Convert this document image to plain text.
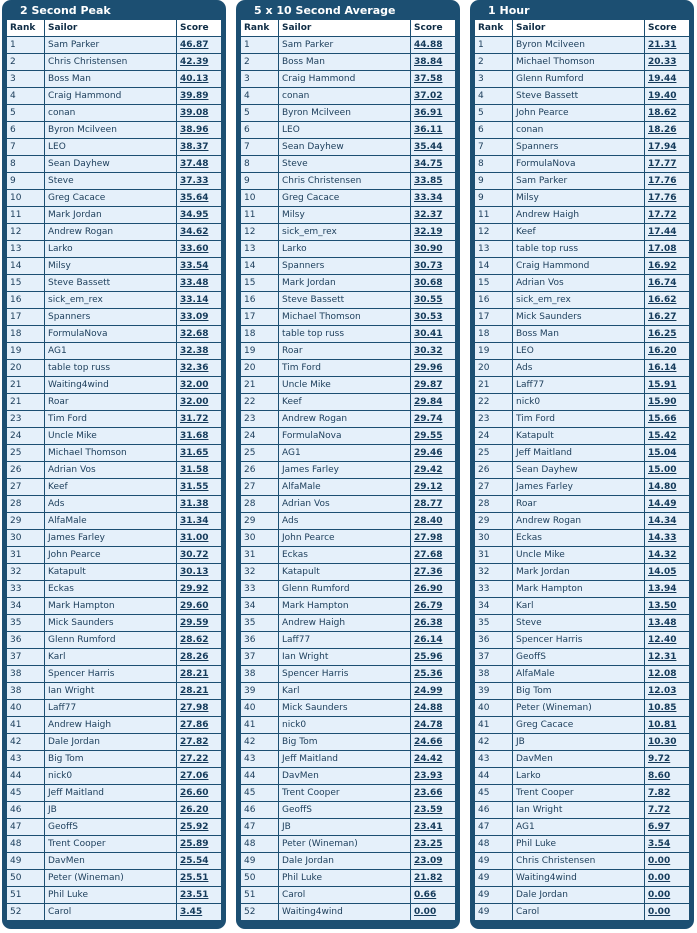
2 Second Peak
Rank	Sailor	Score
1	Sam Parker	46.87
2	Chris Christensen	42.39
3	Boss Man	40.13
4	Craig Hammond	39.89
5	conan	39.08
6	Byron Mcilveen	38.96
7	LEO	38.37
8	Sean Dayhew	37.48
9	Steve	37.33
10	Greg Cacace	35.64
11	Mark Jordan	34.95
12	Andrew Rogan	34.62
13	Larko	33.60
14	Milsy	33.54
15	Steve Bassett	33.48
16	sick_em_rex	33.14
17	Spanners	33.09
18	FormulaNova	32.68
19	AG1	32.38
20	table top russ	32.36
21	Waiting4wind	32.00
21	Roar	32.00
23	Tim Ford	31.72
24	Uncle Mike	31.68
25	Michael Thomson	31.65
26	Adrian Vos	31.58
27	Keef	31.55
28	Ads	31.38
29	AlfaMale	31.34
30	James Farley	31.00
31	John Pearce	30.72
32	Katapult	30.13
33	Eckas	29.92
34	Mark Hampton	29.60
35	Mick Saunders	29.59
36	Glenn Rumford	28.62
37	Karl	28.26
38	Spencer Harris	28.21
38	Ian Wright	28.21
40	Laff77	27.98
41	Andrew Haigh	27.86
42	Dale Jordan	27.82
43	Big Tom	27.22
44	nick0	27.06
45	Jeff Maitland	26.60
46	JB	26.20
47	GeoffS	25.92
48	Trent Cooper	25.89
49	DavMen	25.54
50	Peter (Wineman)	25.51
51	Phil Luke	23.51
52	Carol	3.45
5 x 10 Second Average
Rank	Sailor	Score
1	Sam Parker	44.88
2	Boss Man	38.84
3	Craig Hammond	37.58
4	conan	37.02
5	Byron Mcilveen	36.91
6	LEO	36.11
7	Sean Dayhew	35.44
8	Steve	34.75
9	Chris Christensen	33.85
10	Greg Cacace	33.34
11	Milsy	32.37
12	sick_em_rex	32.19
13	Larko	30.90
14	Spanners	30.73
15	Mark Jordan	30.68
16	Steve Bassett	30.55
17	Michael Thomson	30.53
18	table top russ	30.41
19	Roar	30.32
20	Tim Ford	29.96
21	Uncle Mike	29.87
22	Keef	29.84
23	Andrew Rogan	29.74
24	FormulaNova	29.55
25	AG1	29.46
26	James Farley	29.42
27	AlfaMale	29.12
28	Adrian Vos	28.77
29	Ads	28.40
30	John Pearce	27.98
31	Eckas	27.68
32	Katapult	27.36
33	Glenn Rumford	26.90
34	Mark Hampton	26.79
35	Andrew Haigh	26.38
36	Laff77	26.14
37	Ian Wright	25.96
38	Spencer Harris	25.36
39	Karl	24.99
40	Mick Saunders	24.88
41	nick0	24.78
42	Big Tom	24.66
43	Jeff Maitland	24.42
44	DavMen	23.93
45	Trent Cooper	23.66
46	GeoffS	23.59
47	JB	23.41
48	Peter (Wineman)	23.25
49	Dale Jordan	23.09
50	Phil Luke	21.82
51	Carol	0.66
52	Waiting4wind	0.00
1 Hour
Rank	Sailor	Score
1	Byron Mcilveen	21.31
2	Michael Thomson	20.33
3	Glenn Rumford	19.44
4	Steve Bassett	19.40
5	John Pearce	18.62
6	conan	18.26
7	Spanners	17.94
8	FormulaNova	17.77
9	Sam Parker	17.76
9	Milsy	17.76
11	Andrew Haigh	17.72
12	Keef	17.44
13	table top russ	17.08
14	Craig Hammond	16.92
15	Adrian Vos	16.74
16	sick_em_rex	16.62
17	Mick Saunders	16.27
18	Boss Man	16.25
19	LEO	16.20
20	Ads	16.14
21	Laff77	15.91
22	nick0	15.90
23	Tim Ford	15.66
24	Katapult	15.42
25	Jeff Maitland	15.04
26	Sean Dayhew	15.00
27	James Farley	14.80
28	Roar	14.49
29	Andrew Rogan	14.34
30	Eckas	14.33
31	Uncle Mike	14.32
32	Mark Jordan	14.05
33	Mark Hampton	13.94
34	Karl	13.50
35	Steve	13.48
36	Spencer Harris	12.40
37	GeoffS	12.31
38	AlfaMale	12.08
39	Big Tom	12.03
40	Peter (Wineman)	10.85
41	Greg Cacace	10.81
42	JB	10.30
43	DavMen	9.72
44	Larko	8.60
45	Trent Cooper	7.82
46	Ian Wright	7.72
47	AG1	6.97
48	Phil Luke	3.54
49	Chris Christensen	0.00
49	Waiting4wind	0.00
49	Dale Jordan	0.00
49	Carol	0.00
